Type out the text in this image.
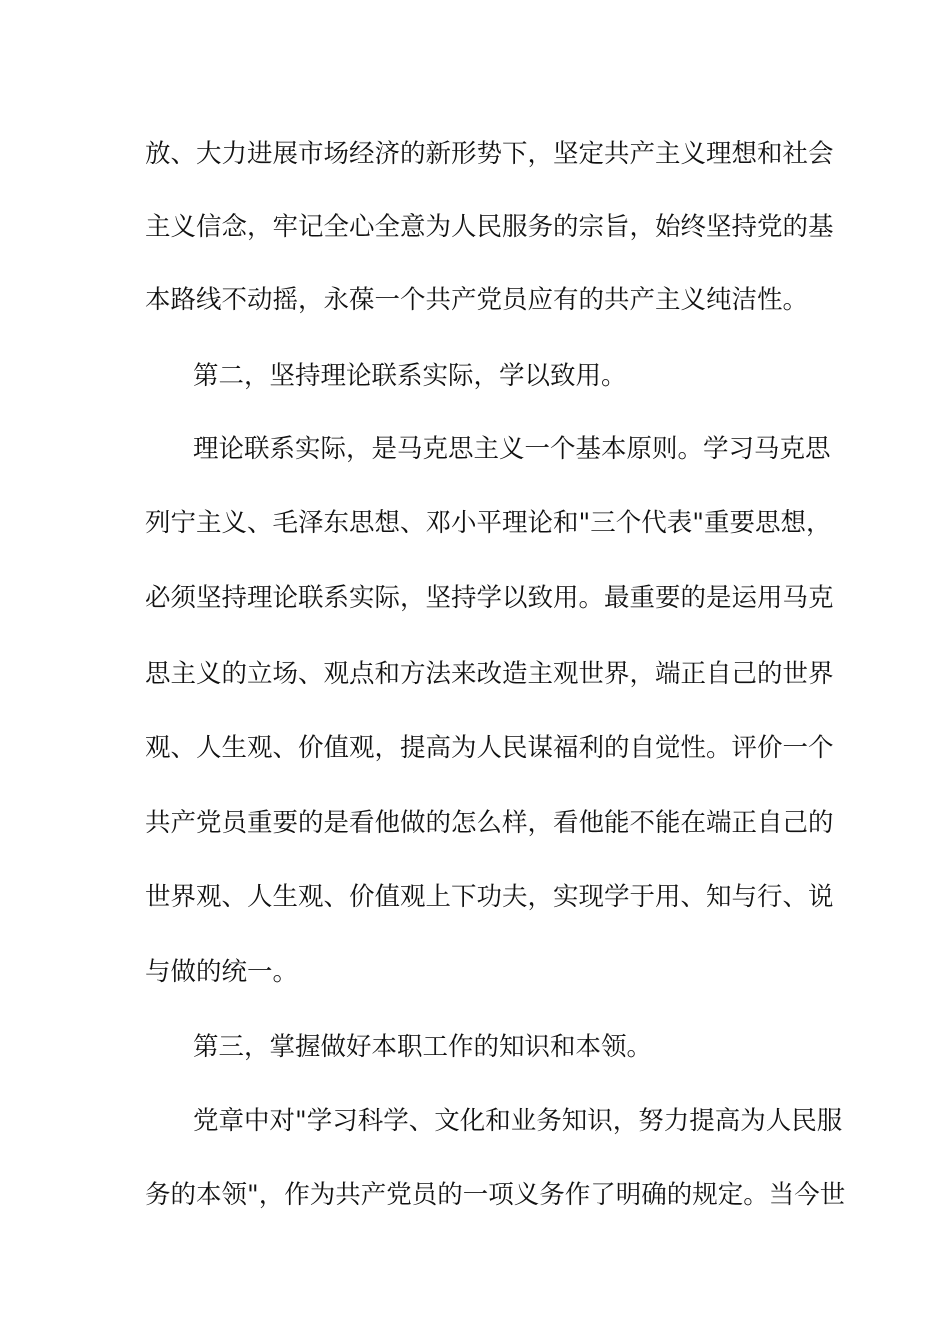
放、大力进展市场经济的新形势下，坚定共产主义理想和社会
主义信念，牢记全心全意为人民服务的宗旨，始终坚持党的基
本路线不动摇，永葆一个共产党员应有的共产主义纯洁性。
第二，坚持理论联系实际，学以致用。
理论联系实际，是马克思主义一个基本原则。学习马克思
列宁主义、毛泽东思想、邓小平理论和"三个代表"重要思想，
必须坚持理论联系实际，坚持学以致用。最重要的是运用马克
思主义的立场、观点和方法来改造主观世界，端正自己的世界
观、人生观、价值观，提高为人民谋福利的自觉性。评价一个
共产党员重要的是看他做的怎么样，看他能不能在端正自己的
世界观、人生观、价值观上下功夫，实现学于用、知与行、说
与做的统一。
第三，掌握做好本职工作的知识和本领。
党章中对"学习科学、文化和业务知识，努力提高为人民服
务的本领"，作为共产党员的一项义务作了明确的规定。当今世
